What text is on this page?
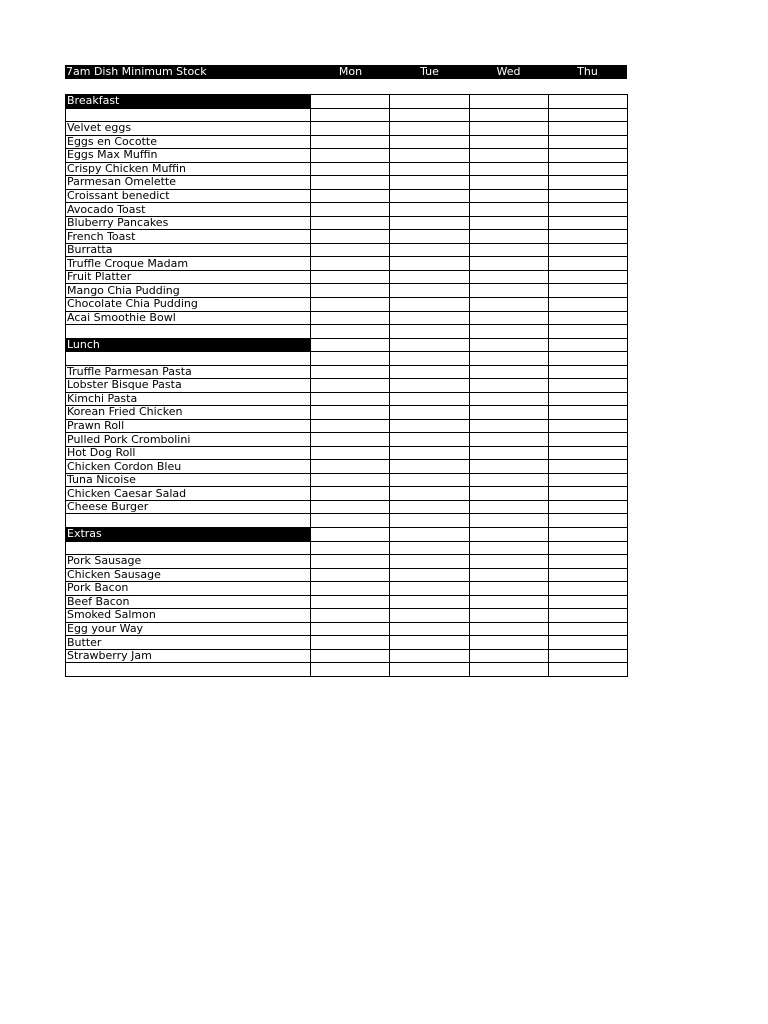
7am Dish Minimum Stock	Mon	Tue	Wed	Thu
Breakfast				

Velvet eggs				
Eggs en Cocotte				
Eggs Max Muffin				
Crispy Chicken Muffin				
Parmesan Omelette				
Croissant benedict				
Avocado Toast				
Bluberry Pancakes				
French Toast				
Burratta				
Truffle Croque Madam				
Fruit Platter				
Mango Chia Pudding				
Chocolate Chia Pudding				
Acai Smoothie Bowl				

Lunch				

Truffle Parmesan Pasta				
Lobster Bisque Pasta				
Kimchi Pasta				
Korean Fried Chicken				
Prawn Roll				
Pulled Pork Crombolini				
Hot Dog Roll				
Chicken Cordon Bleu				
Tuna Nicoise				
Chicken Caesar Salad				
Cheese Burger				

Extras				

Pork Sausage				
Chicken Sausage				
Pork Bacon				
Beef Bacon				
Smoked Salmon				
Egg your Way				
Butter				
Strawberry Jam				
